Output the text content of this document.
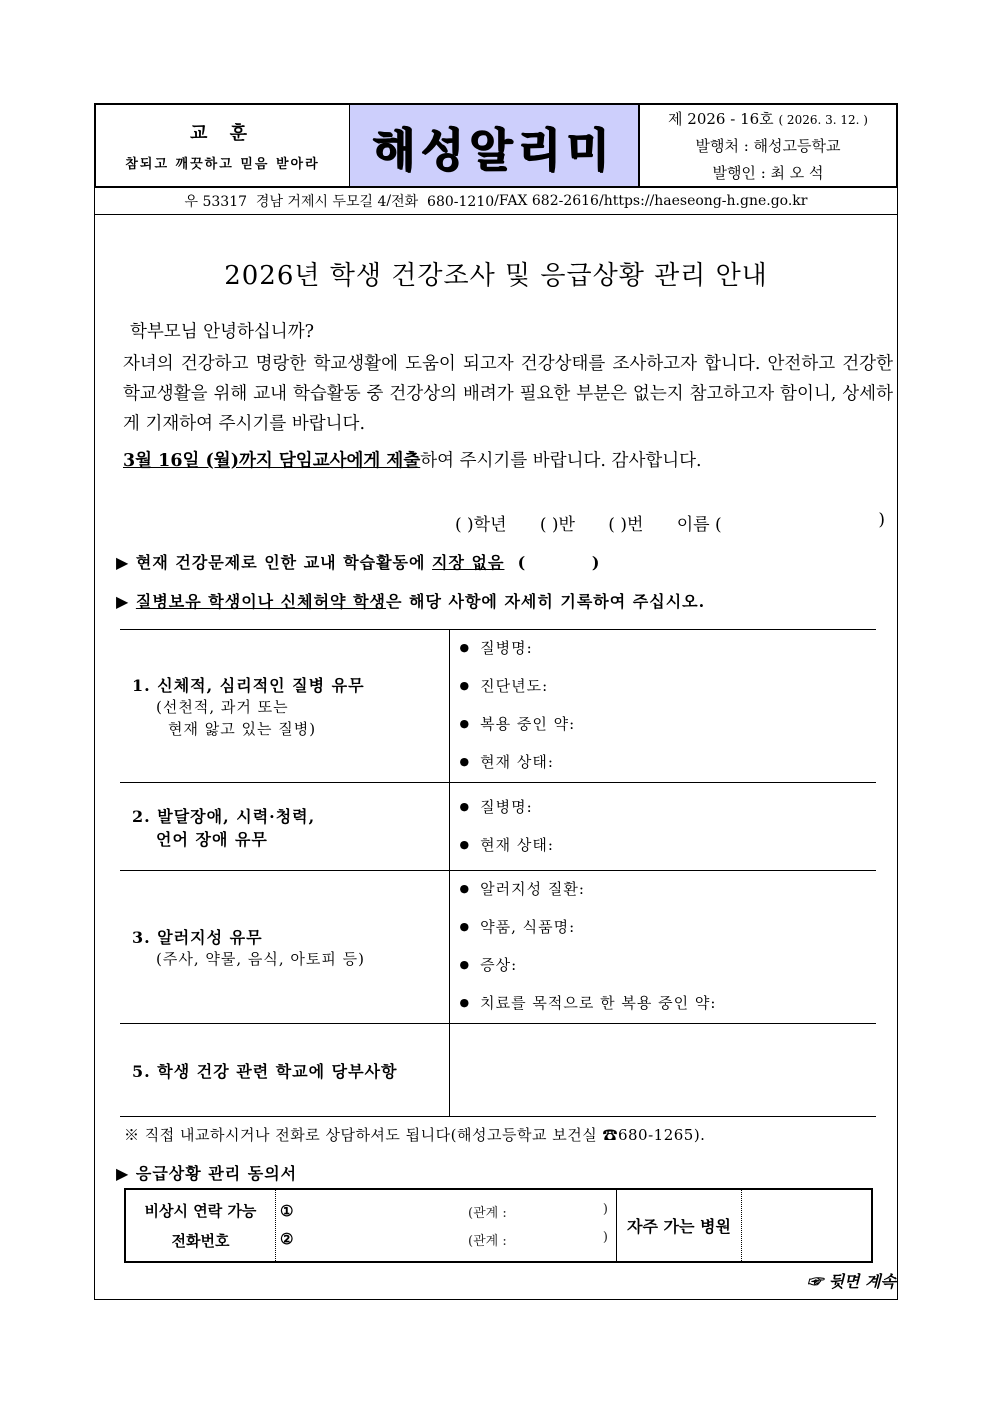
교 훈
참되고 깨끗하고 믿음 받아라 해성알리미
제 2026 - 16호 ( 2026. 3. 12. )
발행처 : 해성고등학교
발행인 : 최 오 석
우 53317  경남 거제시 두모길 4 / 전화  680-1210 / FAX 682-2616 / https://haeseong-h.gne.go.kr
2026년 학생 건강조사 및 응급상황 관리 안내
학부모님 안녕하십니까?
자녀의 건강하고 명랑한 학교생활에 도움이 되고자 건강상태를 조사하고자 합니다. 안전하고 건강한 학교생활을 위해 교내 학습활동 중 건강상의 배려가 필요한 부분은 없는지 참고하고자 함이니, 상세하게 기재하여 주시기를 바랍니다.
3월 16일 (월)까지 담임교사에게 제출하여 주시기를 바랍니다. 감사합니다.
( )학년 ( )반 ( )번 이름 (	)
▶ 현재 건강문제로 인한 교내 학습활동에 지장 없음  (          )
▶ 질병보유 학생이나 신체허약 학생은 해당 사항에 자세히 기록하여 주십시오.
1. 신체적, 심리적인 질병 유무
(선천적, 과거 또는
현재 앓고 있는 질병)

● 질병명:
● 진단년도:
● 복용 중인 약:
● 현재 상태:

2. 발달장애, 시력·청력,
언어 장애 유무

● 질병명:
● 현재 상태:

3. 알러지성 유무
(주사, 약물, 음식, 아토피 등)

● 알러지성 질환:
● 약품, 식품명:
● 증상:
● 치료를 목적으로 한 복용 중인 약:

5. 학생 건강 관련 학교에 당부사항	

※ 직접 내교하시거나 전화로 상담하셔도 됩니다(해성고등학교 보건실 ☎680-1265).
▶ 응급상황 관리 동의서
비상시 연락 가능
전화번호
①	(관계 :	)
②	(관계 :	)
자주 가는 병원
☞ 뒷면 계속
